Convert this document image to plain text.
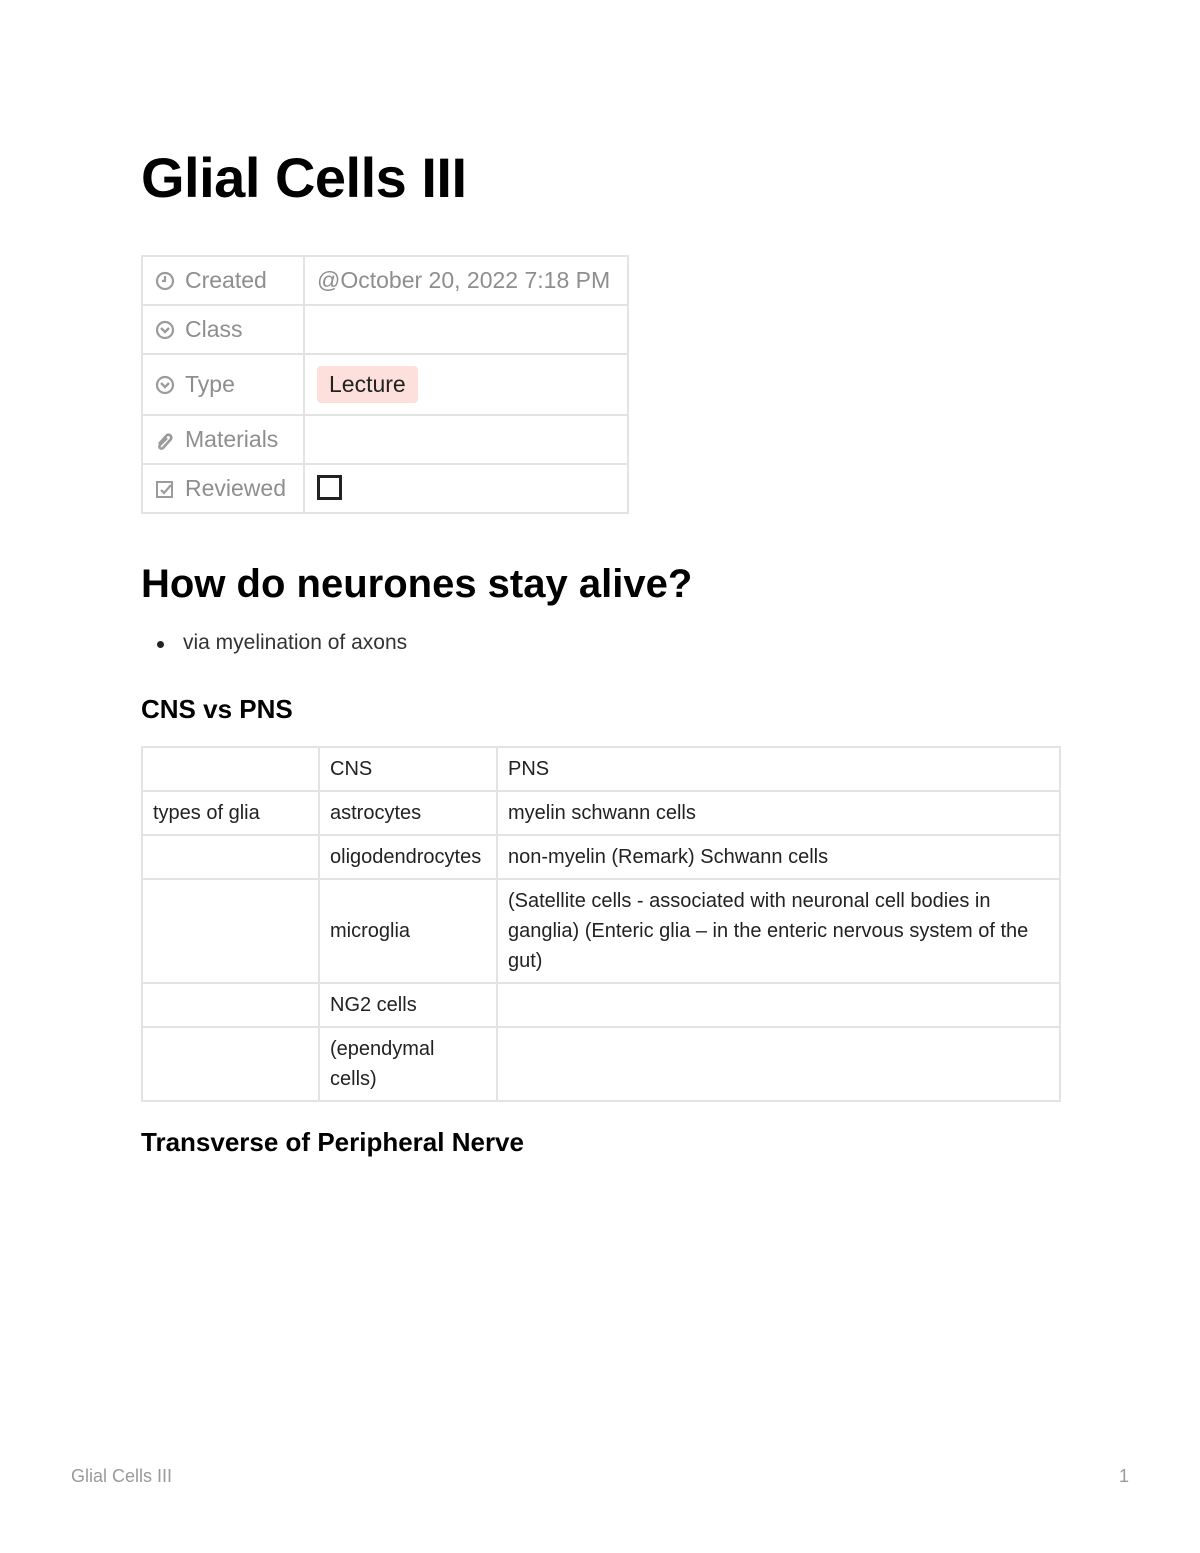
Glial Cells III
Created	@October 20, 2022 7:18 PM
Class	
Type	Lecture
Materials	
Reviewed	
How do neurones stay alive?
via myelination of axons
CNS vs PNS
	CNS	PNS
types of glia	astrocytes	myelin schwann cells
	oligodendrocytes	non-myelin (Remark) Schwann cells
	microglia	(Satellite cells - associated with neuronal cell bodies in ganglia) (Enteric glia – in the enteric nervous system of the gut)
	NG2 cells	
	(ependymal cells)	
Transverse of Peripheral Nerve
Glial Cells III	1
